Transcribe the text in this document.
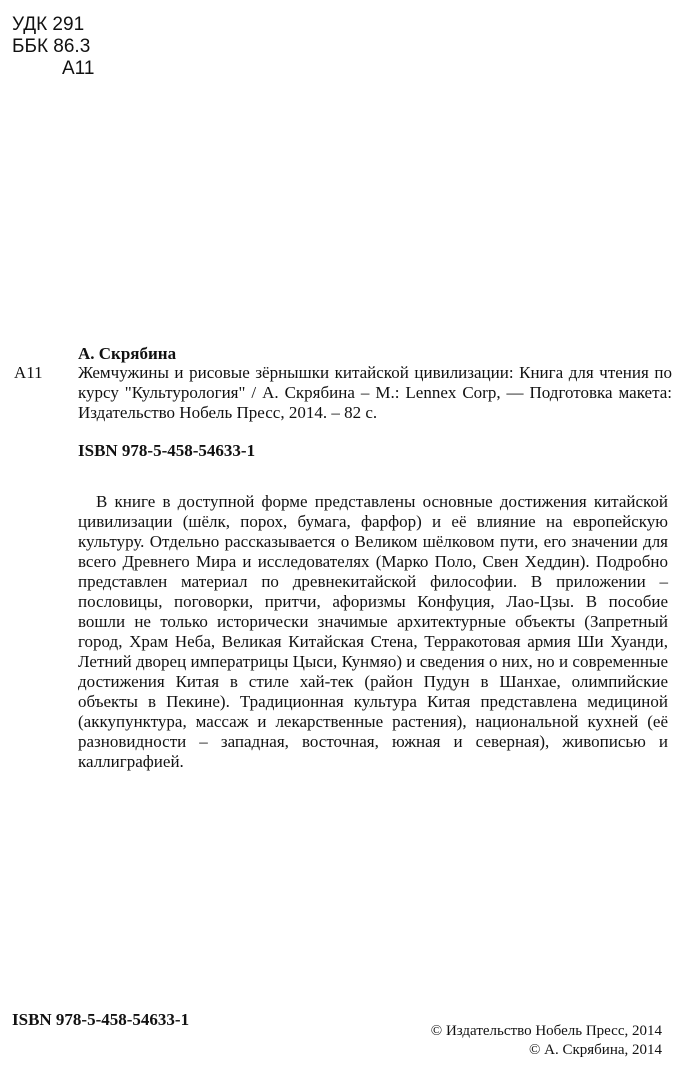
УДК 291
ББК 86.3
А11
А. Скрябина
А11 Жемчужины и рисовые зёрнышки китайской цивилизации: Книга для чтения по курсу "Культурология" / А. Скрябина – М.: Lennex Corp, — Подготовка макета: Издательство Нобель Пресс, 2014. – 82 с.
ISBN 978-5-458-54633-1
В книге в доступной форме представлены основные достижения китайской цивилизации (шёлк, порох, бумага, фарфор) и её влияние на европейскую культуру. Отдельно рассказывается о Великом шёлковом пути, его значении для всего Древнего Мира и исследователях (Марко Поло, Свен Хеддин). Подробно представлен материал по древнекитайской философии. В приложении – пословицы, поговорки, притчи, афоризмы Конфуция, Лао-Цзы. В пособие вошли не только исторически значимые архитектурные объекты (Запретный город, Храм Неба, Великая Китайская Стена, Терракотовая армия Ши Хуанди, Летний дворец императрицы Цыси, Кунмяо) и сведения о них, но и современные достижения Китая в стиле хай-тек (район Пудун в Шанхае, олимпийские объекты в Пекине). Традиционная культура Китая представлена медициной (аккупунктура, массаж и лекарственные растения), национальной кухней (её разновидности – западная, восточная, южная и северная), живописью и каллиграфией.
ISBN 978-5-458-54633-1
© Издательство Нобель Пресс, 2014
© А. Скрябина, 2014
